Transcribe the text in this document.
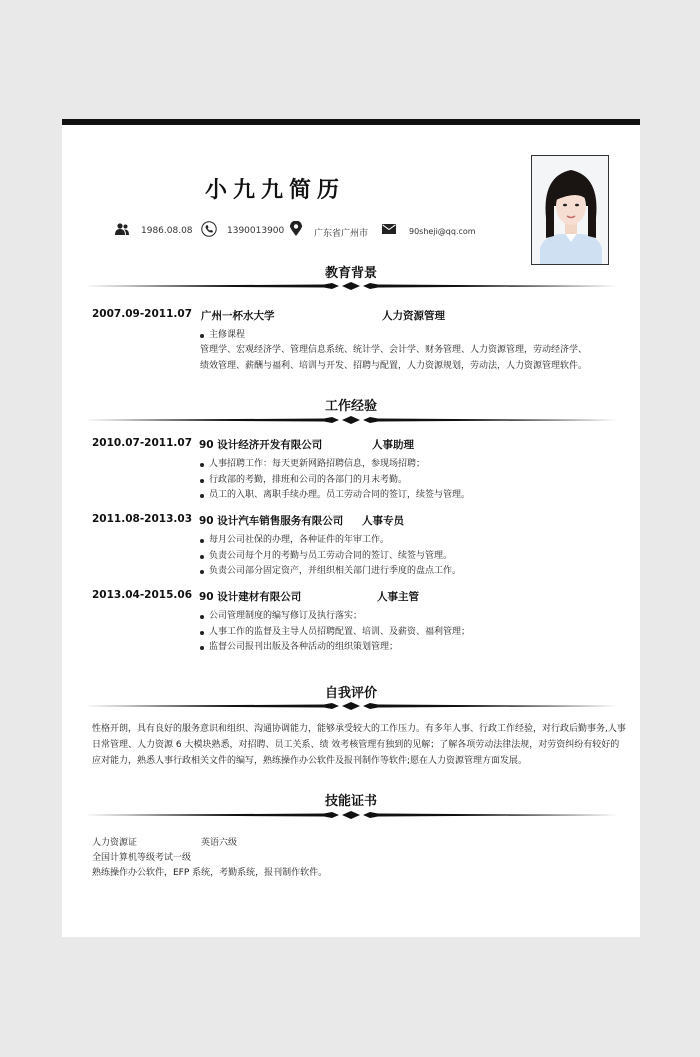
小九九简历
1986.08.08	1390013900	广东省广州市	90sheji@qq.com
教育背景
2007.09-2011.07 广州一杯水大学	人力资源管理
主修课程
管理学、宏观经济学、管理信息系统、统计学、会计学、财务管理、人力资源管理，劳动经济学、
绩效管理、薪酬与福利、培训与开发、招聘与配置，人力资源规划，劳动法，人力资源管理软件。
工作经验
2010.07-2011.07 90 设计经济开发有限公司	人事助理
人事招聘工作：每天更新网路招聘信息，参现场招聘；
行政部的考勤，排班和公司的各部门的月末考勤。
员工的入职、离职手续办理。员工劳动合同的签订，续签与管理。
2011.08-2013.03 90 设计汽车销售服务有限公司 人事专员
每月公司社保的办理，各种证件的年审工作。
负责公司每个月的考勤与员工劳动合同的签订、续签与管理。
负责公司部分固定资产，并组织相关部门进行季度的盘点工作。
2013.04-2015.06 90 设计建材有限公司	人事主管
公司管理制度的编写修订及执行落实；
人事工作的监督及主导人员招聘配置、培训、及薪资、福利管理；
监督公司报刊出版及各种活动的组织策划管理；
自我评价
性格开朗，具有良好的服务意识和组织、沟通协调能力，能够承受较大的工作压力。有多年人事、行政工作经验，对行政后勤事务,人事
日常管理、人力资源 6 大模块熟悉，对招聘、员工关系、绩 效考核管理有独到的见解；了解各项劳动法律法规，对劳资纠纷有较好的
应对能力，熟悉人事行政相关文件的编写，熟练操作办公软件及报刊制作等软件;愿在人力资源管理方面发展。
技能证书
人力资源证	英语六级
全国计算机等级考试一级
熟练操作办公软件，EFP 系统，考勤系统，报刊制作软件。
